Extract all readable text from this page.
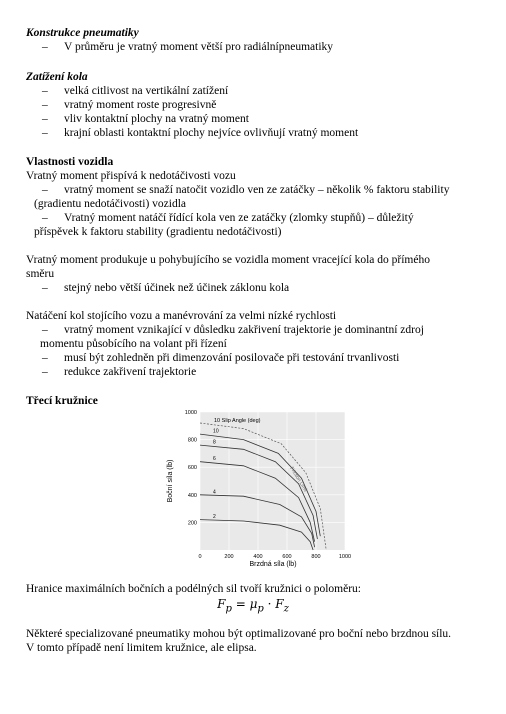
Konstrukce pneumatiky
– V průměru je vratný moment větší pro radiálnípneumatiky
Zatížení kola
– velká citlivost na vertikální zatížení
– vratný moment roste progresivně
– vliv kontaktní plochy na vratný moment
– krajní oblasti kontaktní plochy nejvíce ovlivňují vratný moment
Vlastnosti vozidla
Vratný moment přispívá k nedotáčivosti vozu
– vratný moment se snaží natočit vozidlo ven ze zatáčky – několik % faktoru stability
(gradientu nedotáčivosti) vozidla
– Vratný moment natáčí řídící kola ven ze zatáčky (zlomky stupňů) – důležitý
příspěvek k faktoru stability (gradientu nedotáčivosti)
Vratný moment produkuje u pohybujícího se vozidla moment vracející kola do přímého
směru
– stejný nebo větší účinek než účinek záklonu kola
Natáčení kol stojícího vozu a manévrování za velmi nízké rychlosti
– vratný moment vznikající v důsledku zakřivení trajektorie je dominantní zdroj
momentu působícího na volant při řízení
– musí být zohledněn při dimenzování posilovače při testování trvanlivosti
– redukce zakřivení trajektorie
Třecí kružnice
2
4
6
8
10
0	200	400	600	800	1000
200
400
600
800
1000
Boční síla (lb)
Brzdná síla (lb)
10 Slip Angle (deg)
Friction Limit
Hranice maximálních bočních a podélných sil tvoří kružnici o poloměru:
$F_p = \mu_p \cdot F_z$
Některé specializované pneumatiky mohou být optimalizované pro boční nebo brzdnou sílu.
V tomto případě není limitem kružnice, ale elipsa.
